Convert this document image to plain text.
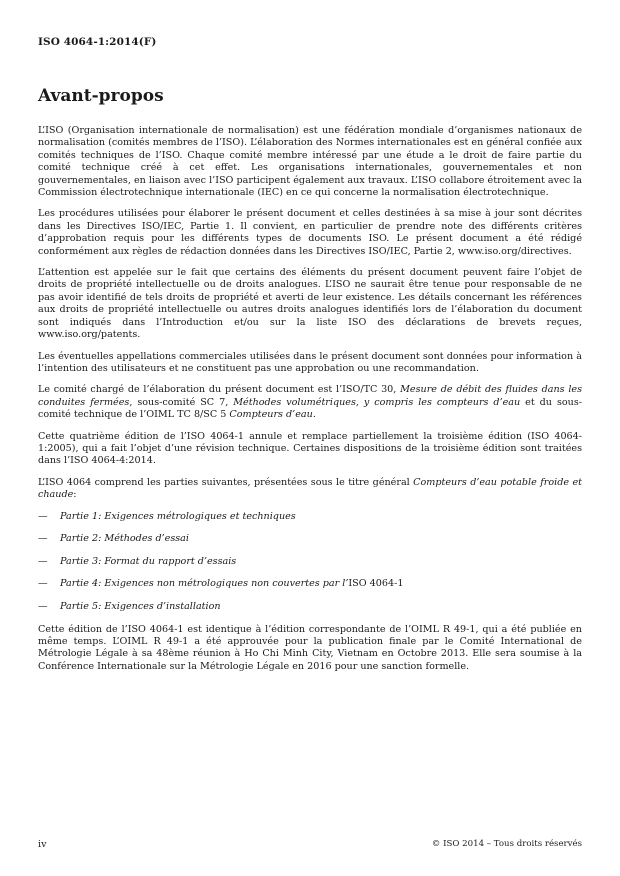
ISO 4064-1:2014(F)
Avant-propos

L’ISO (Organisation internationale de normalisation) est une fédération mondiale d’organismes nationaux de normalisation (comités membres de l’ISO). L’élaboration des Normes internationales est en général confiée aux comités techniques de l’ISO. Chaque comité membre intéressé par une étude a le droit de faire partie du comité technique créé à cet effet. Les organisations internationales, gouvernementales et non gouvernementales, en liaison avec l’ISO participent également aux travaux. L’ISO collabore étroitement avec la Commission électrotechnique internationale (IEC) en ce qui concerne la normalisation électrotechnique.

Les procédures utilisées pour élaborer le présent document et celles destinées à sa mise à jour sont décrites dans les Directives ISO/IEC, Partie 1. Il convient, en particulier de prendre note des différents critères d’approbation requis pour les différents types de documents ISO. Le présent document a été rédigé conformément aux règles de rédaction données dans les Directives ISO/IEC, Partie 2, www.iso.org/directives.

L’attention est appelée sur le fait que certains des éléments du présent document peuvent faire l’objet de droits de propriété intellectuelle ou de droits analogues. L’ISO ne saurait être tenue pour responsable de ne pas avoir identifié de tels droits de propriété et averti de leur existence. Les détails concernant les références aux droits de propriété intellectuelle ou autres droits analogues identifiés lors de l’élaboration du document sont indiqués dans l’Introduction et/ou sur la liste ISO des déclarations de brevets reçues, www.iso.org/patents.

Les éventuelles appellations commerciales utilisées dans le présent document sont données pour information à l’intention des utilisateurs et ne constituent pas une approbation ou une recommandation.

Le comité chargé de l’élaboration du présent document est l’ISO/TC 30, Mesure de débit des fluides dans les conduites fermées, sous-comité SC 7, Méthodes volumétriques, y compris les compteurs d’eau et du sous-comité technique de l’OIML TC 8/SC 5 Compteurs d’eau.

Cette quatrième édition de l’ISO 4064-1 annule et remplace partiellement la troisième édition (ISO 4064-1:2005), qui a fait l’objet d’une révision technique. Certaines dispositions de la troisième édition sont traitées dans l’ISO 4064-4:2014.

L’ISO 4064 comprend les parties suivantes, présentées sous le titre général Compteurs d’eau potable froide et chaude:

—	Partie 1: Exigences métrologiques et techniques
—	Partie 2: Méthodes d’essai
—	Partie 3: Format du rapport d’essais
—	Partie 4: Exigences non métrologiques non couvertes par l’ISO 4064-1
—	Partie 5: Exigences d’installation

Cette édition de l’ISO 4064-1 est identique à l’édition correspondante de l’OIML R 49-1, qui a été publiée en même temps. L’OIML R 49-1 a été approuvée pour la publication finale par le Comité International de Métrologie Légale à sa 48ème réunion à Ho Chi Minh City, Vietnam en Octobre 2013. Elle sera soumise à la Conférence Internationale sur la Métrologie Légale en 2016 pour une sanction formelle.

iv	© ISO 2014 – Tous droits réservés
